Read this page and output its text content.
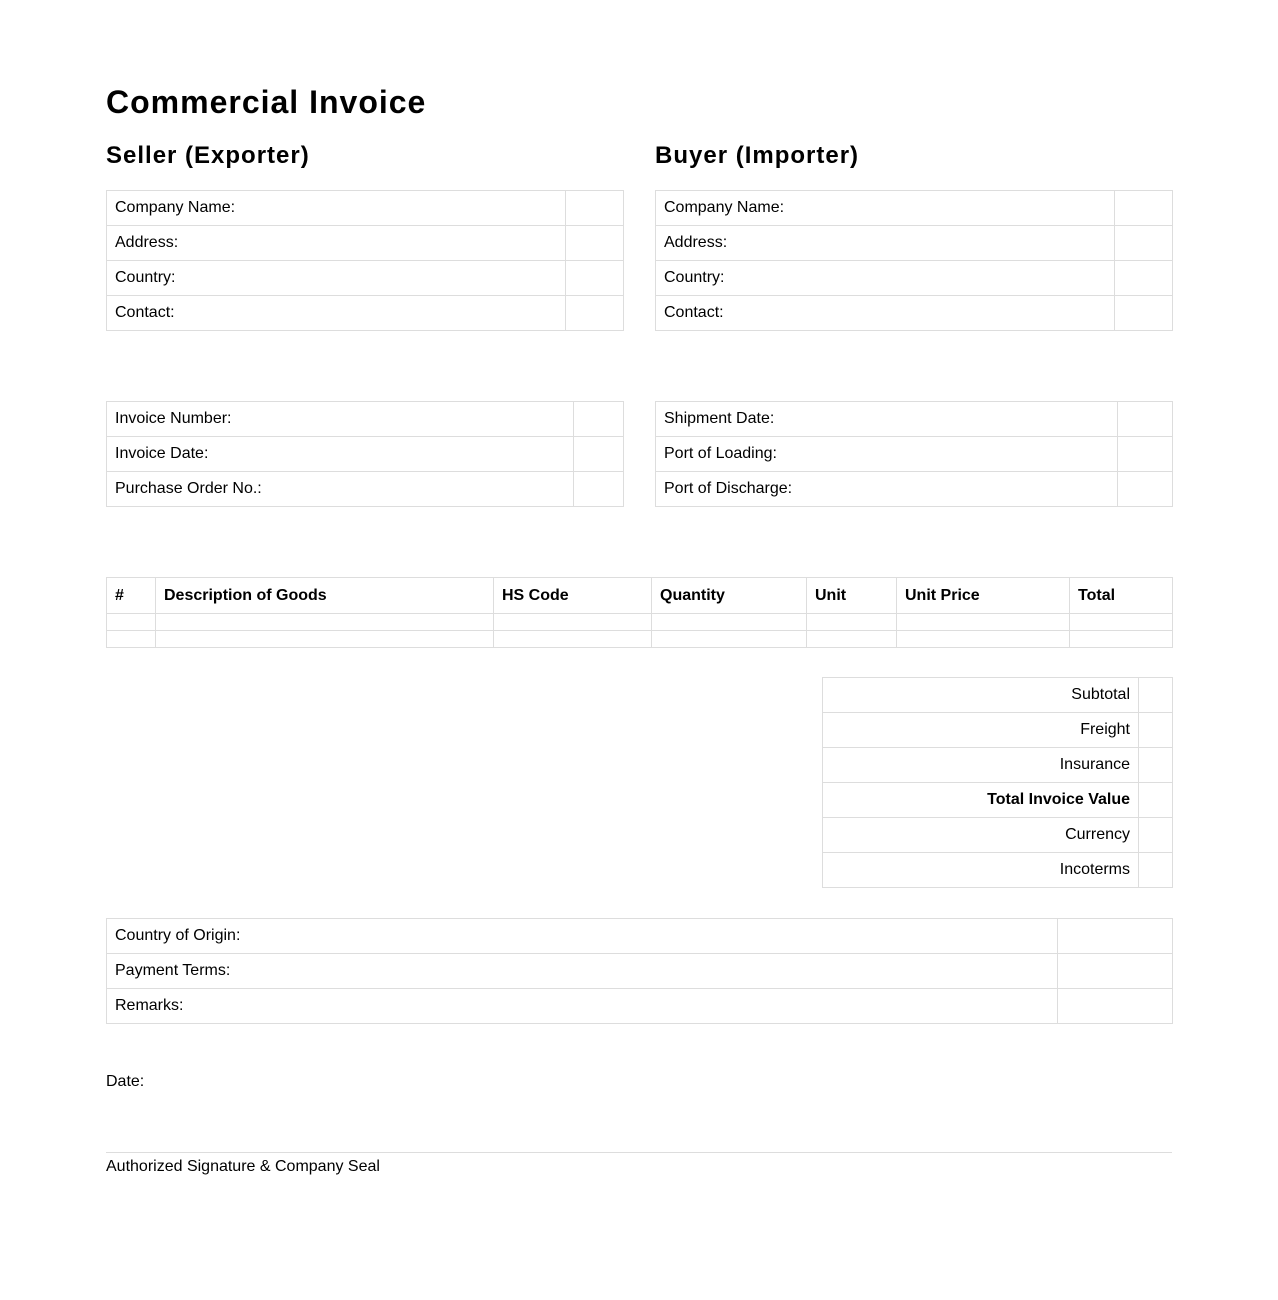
Commercial Invoice
Seller (Exporter)	Buyer (Importer)
Company Name:	
Address:	
Country:	
Contact:	
Company Name:	
Address:	
Country:	
Contact:	
Invoice Number:	
Invoice Date:	
Purchase Order No.:	
Shipment Date:	
Port of Loading:	
Port of Discharge:	
#	Description of Goods	HS Code	Quantity	Unit	Unit Price	Total

Subtotal	
Freight	
Insurance	
Total Invoice Value	
Currency	
Incoterms	
Country of Origin:	
Payment Terms:	
Remarks:	
Date:
Authorized Signature & Company Seal
